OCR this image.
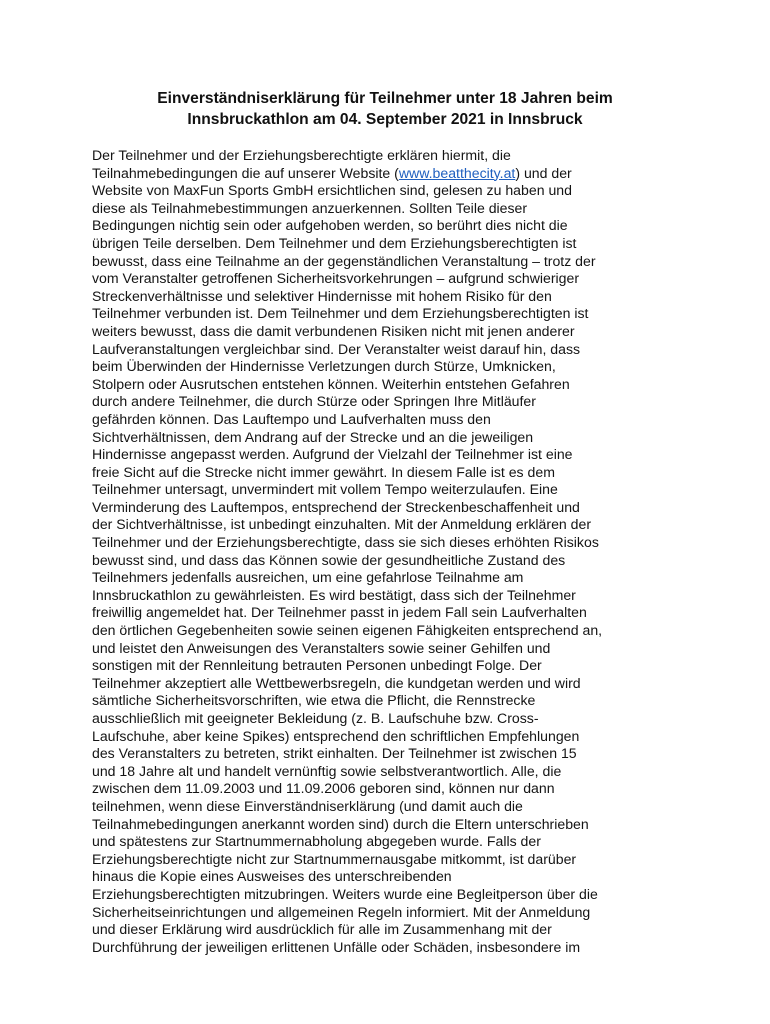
Einverständniserklärung für Teilnehmer unter 18 Jahren beim
Innsbruckathlon am 04. September 2021 in Innsbruck
Der Teilnehmer und der Erziehungsberechtigte erklären hiermit, die
Teilnahmebedingungen die auf unserer Website (www.beatthecity.at) und der
Website von MaxFun Sports GmbH ersichtlichen sind, gelesen zu haben und
diese als Teilnahmebestimmungen anzuerkennen. Sollten Teile dieser
Bedingungen nichtig sein oder aufgehoben werden, so berührt dies nicht die
übrigen Teile derselben. Dem Teilnehmer und dem Erziehungsberechtigten ist
bewusst, dass eine Teilnahme an der gegenständlichen Veranstaltung – trotz der
vom Veranstalter getroffenen Sicherheitsvorkehrungen – aufgrund schwieriger
Streckenverhältnisse und selektiver Hindernisse mit hohem Risiko für den
Teilnehmer verbunden ist. Dem Teilnehmer und dem Erziehungsberechtigten ist
weiters bewusst, dass die damit verbundenen Risiken nicht mit jenen anderer
Laufveranstaltungen vergleichbar sind. Der Veranstalter weist darauf hin, dass
beim Überwinden der Hindernisse Verletzungen durch Stürze, Umknicken,
Stolpern oder Ausrutschen entstehen können. Weiterhin entstehen Gefahren
durch andere Teilnehmer, die durch Stürze oder Springen Ihre Mitläufer
gefährden können. Das Lauftempo und Laufverhalten muss den
Sichtverhältnissen, dem Andrang auf der Strecke und an die jeweiligen
Hindernisse angepasst werden. Aufgrund der Vielzahl der Teilnehmer ist eine
freie Sicht auf die Strecke nicht immer gewährt. In diesem Falle ist es dem
Teilnehmer untersagt, unvermindert mit vollem Tempo weiterzulaufen. Eine
Verminderung des Lauftempos, entsprechend der Streckenbeschaffenheit und
der Sichtverhältnisse, ist unbedingt einzuhalten. Mit der Anmeldung erklären der
Teilnehmer und der Erziehungsberechtigte, dass sie sich dieses erhöhten Risikos
bewusst sind, und dass das Können sowie der gesundheitliche Zustand des
Teilnehmers jedenfalls ausreichen, um eine gefahrlose Teilnahme am
Innsbruckathlon zu gewährleisten. Es wird bestätigt, dass sich der Teilnehmer
freiwillig angemeldet hat. Der Teilnehmer passt in jedem Fall sein Laufverhalten
den örtlichen Gegebenheiten sowie seinen eigenen Fähigkeiten entsprechend an,
und leistet den Anweisungen des Veranstalters sowie seiner Gehilfen und
sonstigen mit der Rennleitung betrauten Personen unbedingt Folge. Der
Teilnehmer akzeptiert alle Wettbewerbsregeln, die kundgetan werden und wird
sämtliche Sicherheitsvorschriften, wie etwa die Pflicht, die Rennstrecke
ausschließlich mit geeigneter Bekleidung (z. B. Laufschuhe bzw. Cross-
Laufschuhe, aber keine Spikes) entsprechend den schriftlichen Empfehlungen
des Veranstalters zu betreten, strikt einhalten. Der Teilnehmer ist zwischen 15
und 18 Jahre alt und handelt vernünftig sowie selbstverantwortlich. Alle, die
zwischen dem 11.09.2003 und 11.09.2006 geboren sind, können nur dann
teilnehmen, wenn diese Einverständniserklärung (und damit auch die
Teilnahmebedingungen anerkannt worden sind) durch die Eltern unterschrieben
und spätestens zur Startnummernabholung abgegeben wurde. Falls der
Erziehungsberechtigte nicht zur Startnummernausgabe mitkommt, ist darüber
hinaus die Kopie eines Ausweises des unterschreibenden
Erziehungsberechtigten mitzubringen. Weiters wurde eine Begleitperson über die
Sicherheitseinrichtungen und allgemeinen Regeln informiert. Mit der Anmeldung
und dieser Erklärung wird ausdrücklich für alle im Zusammenhang mit der
Durchführung der jeweiligen erlittenen Unfälle oder Schäden, insbesondere im
